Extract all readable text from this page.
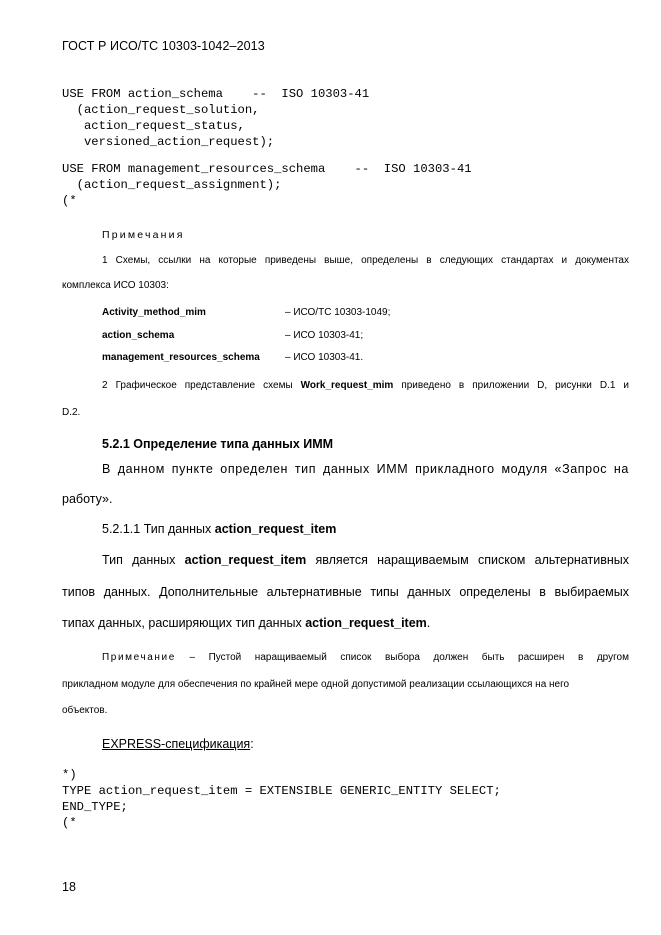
ГОСТ Р ИСО/ТС 10303-1042–2013
USE FROM action_schema    --  ISO 10303-41
(action_request_solution,
action_request_status,
versioned_action_request);
USE FROM management_resources_schema    --  ISO 10303-41
(action_request_assignment);
(*
Примечания
1 Схемы, ссылки на которые приведены выше, определены в следующих стандартах и документах
комплекса ИСО 10303:
Activity_method_mim	– ИСО/ТС 10303-1049;
action_schema	– ИСО 10303-41;
management_resources_schema	– ИСО 10303-41.
2 Графическое представление схемы Work_request_mim приведено в приложении D, рисунки D.1 и
D.2.
5.2.1 Определение типа данных ИММ
В данном пункте определен тип данных ИММ прикладного модуля «Запрос на
работу».
5.2.1.1 Тип данных action_request_item
Тип данных action_request_item является наращиваемым списком альтернативных
типов данных. Дополнительные альтернативные типы данных определены в выбираемых
типах данных, расширяющих тип данных action_request_item.
Примечание – Пустой наращиваемый список выбора должен быть расширен в другом
прикладном модуле для обеспечения по крайней мере одной допустимой реализации ссылающихся на него
объектов.
EXPRESS-спецификация:
*)
TYPE action_request_item = EXTENSIBLE GENERIC_ENTITY SELECT;
END_TYPE;
(*
18
